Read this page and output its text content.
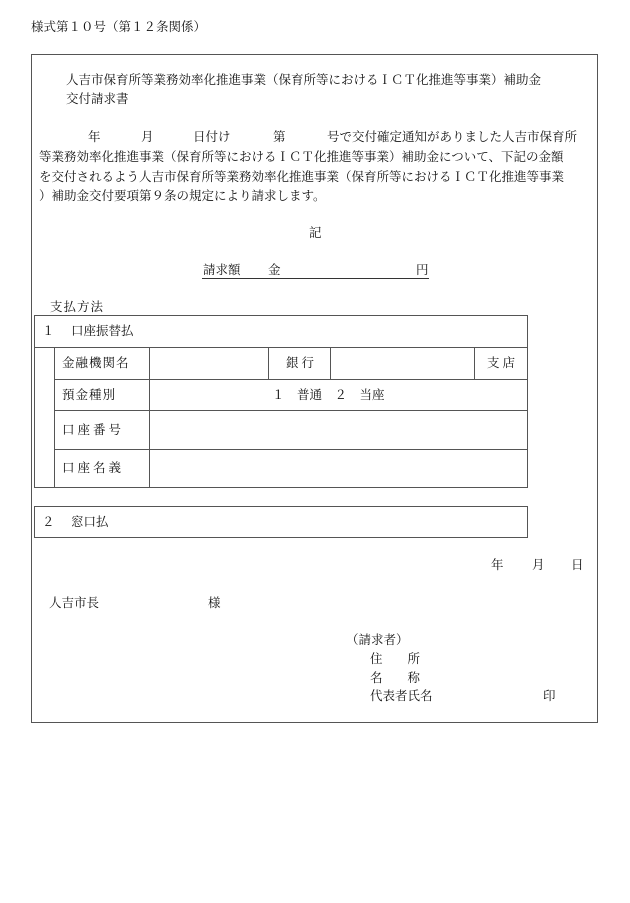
様式第１０号（第１２条関係）
人吉市保育所等業務効率化推進事業（保育所等におけるＩＣＴ化推進等事業）補助金
交付請求書
年	月	日付け	第	号で交付確定通知がありました人吉市保育所
等業務効率化推進事業（保育所等におけるＩＣＴ化推進等事業）補助金について、下記の金額
を交付されるよう人吉市保育所等業務効率化推進事業（保育所等におけるＩＣＴ化推進等事業
）補助金交付要項第９条の規定により請求します。
記
請求額 金	円
支払方法
１　 口座振替払
金融機関名	銀行	支店
預金種別	１　普通　２　当座
口座番号
口座名義
２　 窓口払
年 月 日
人吉市長	様
（請求者）
住　　所
名　　称
代表者氏名	印
